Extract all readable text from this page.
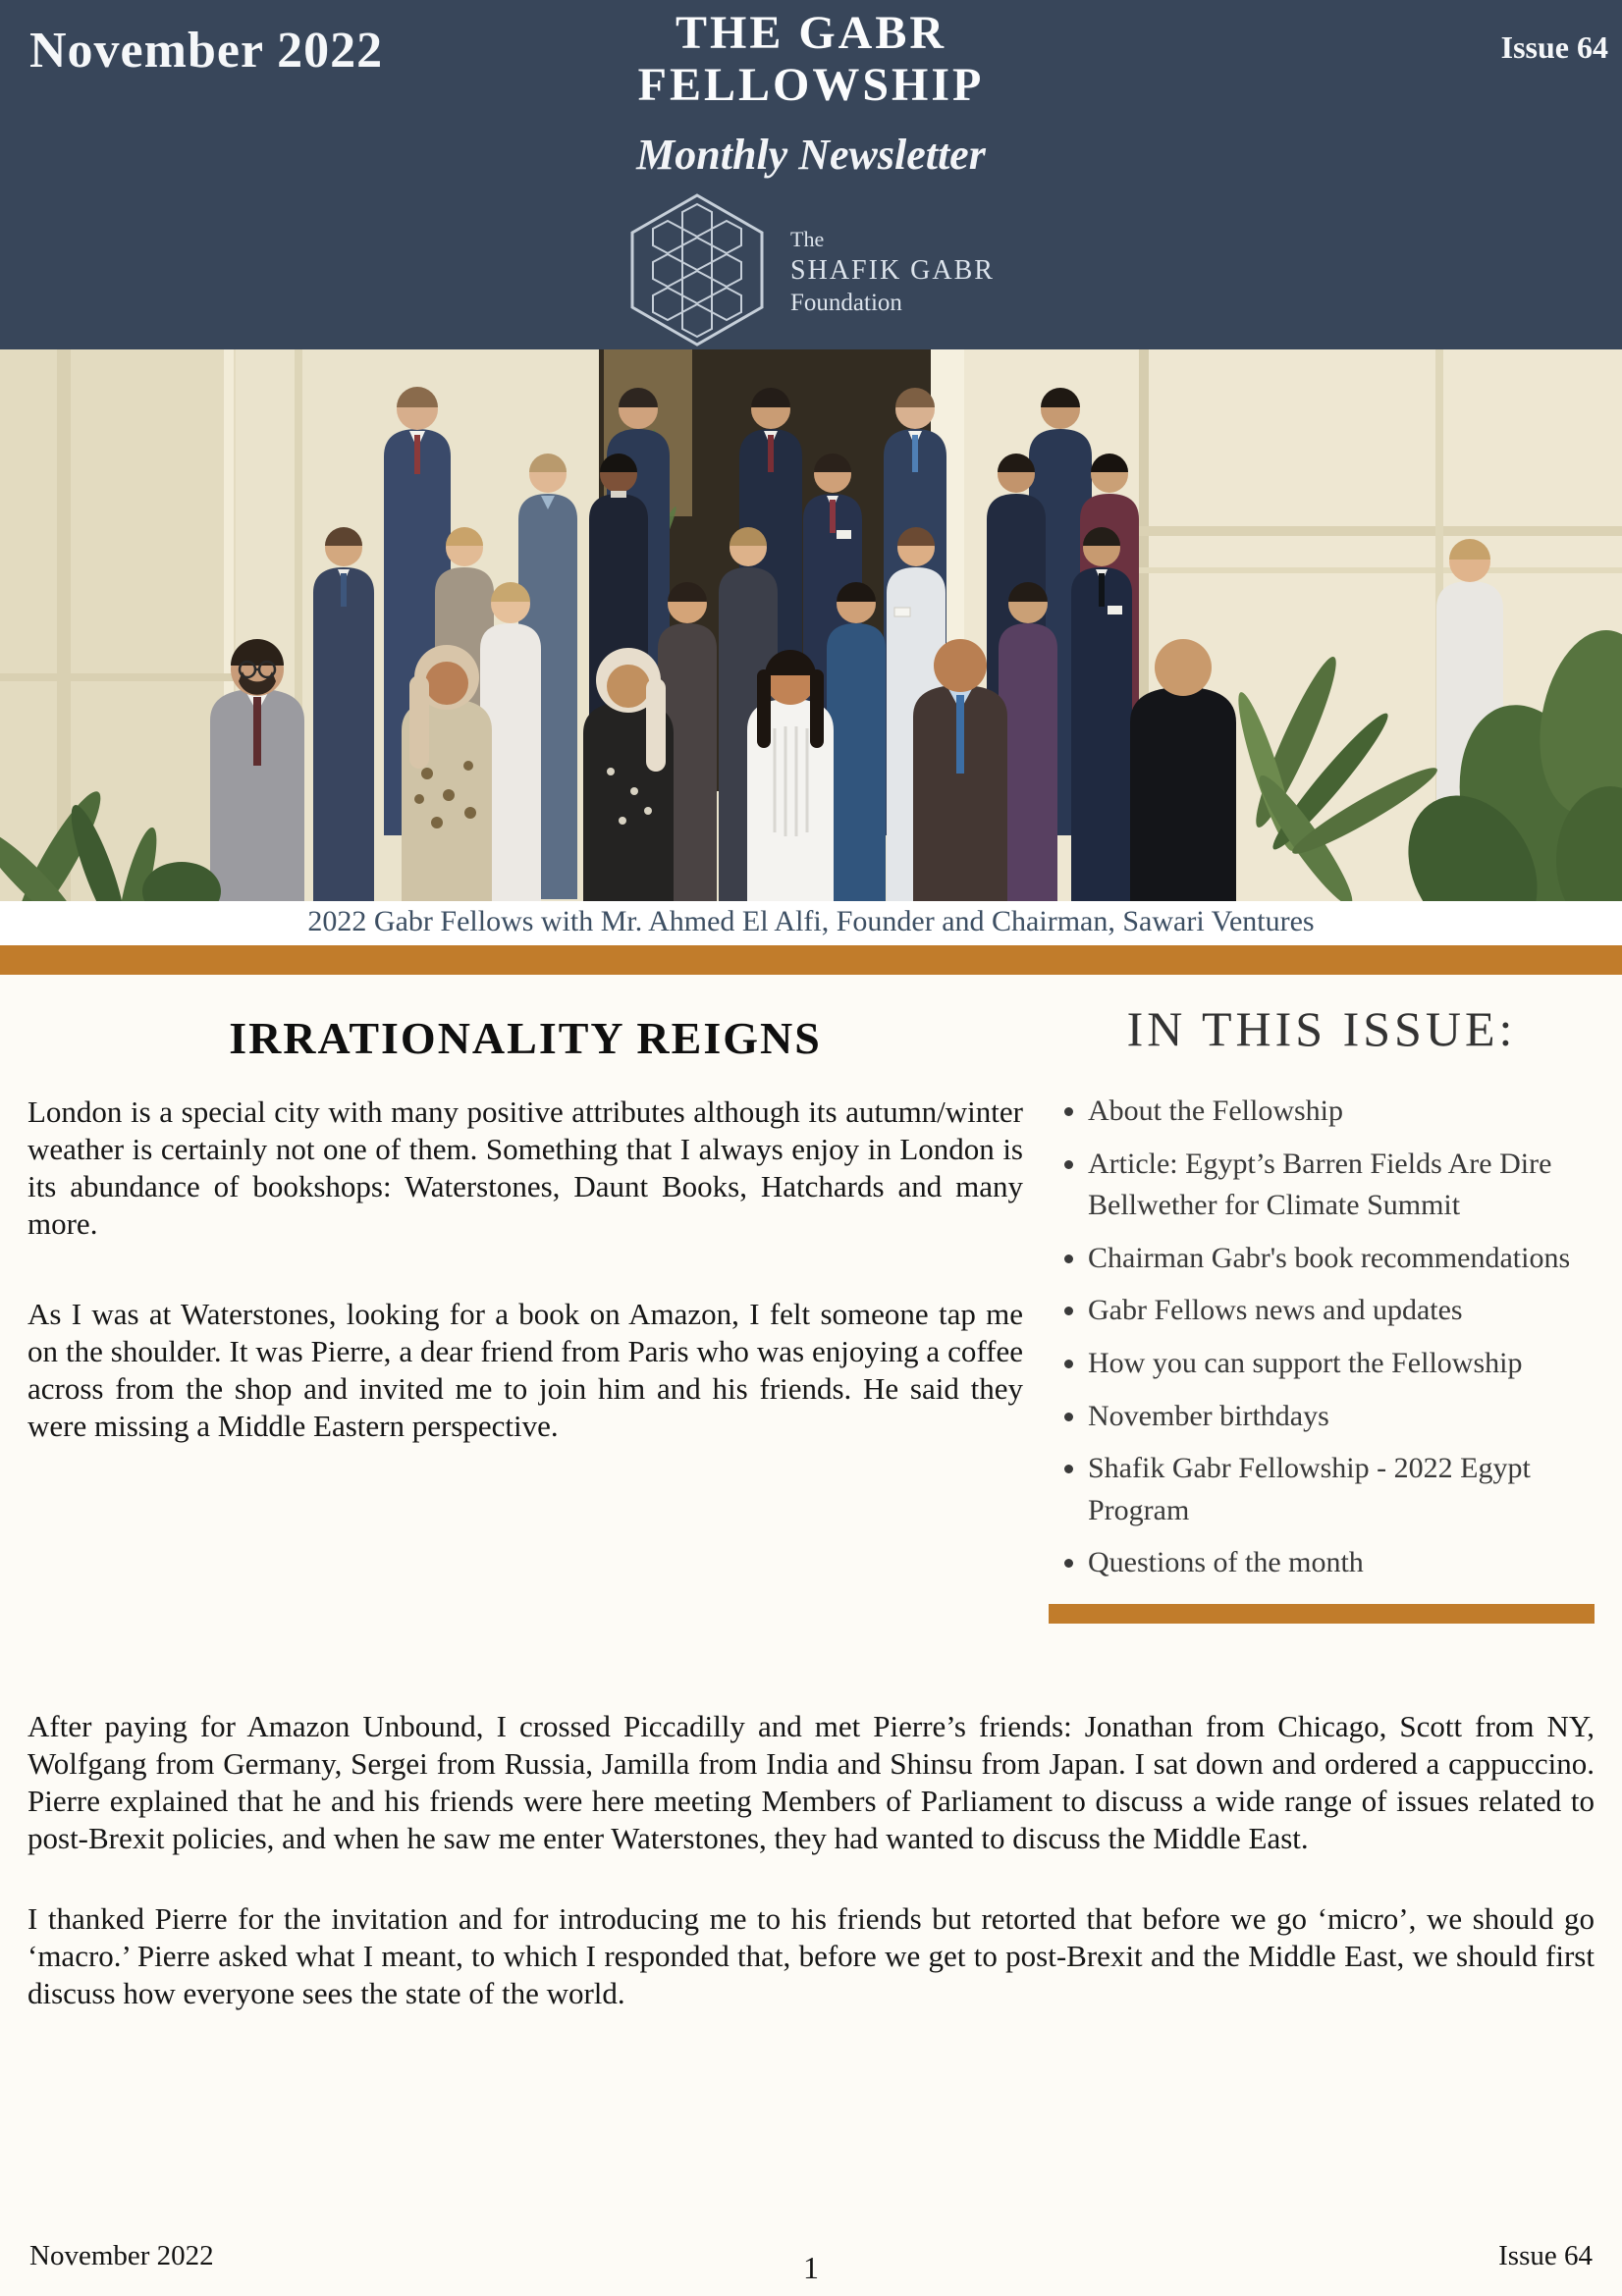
November 2022	Issue 64
THE GABR
FELLOWSHIP
Monthly Newsletter
The
SHAFIK GABR
Foundation
2022 Gabr Fellows with Mr. Ahmed El Alfi, Founder and Chairman, Sawari Ventures
IRRATIONALITY REIGNS

London is a special city with many positive attributes although its autumn/winter weather is certainly not one of them. Something that I always enjoy in London is its abundance of bookshops: Waterstones, Daunt Books, Hatchards and many more.

As I was at Waterstones, looking for a book on Amazon, I felt someone tap me on the shoulder. It was Pierre, a dear friend from Paris who was enjoying a coffee across from the shop and invited me to join him and his friends. He said they were missing a Middle Eastern perspective.

IN THIS ISSUE:
• About the Fellowship
• Article: Egypt’s Barren Fields Are Dire Bellwether for Climate Summit
• Chairman Gabr's book recommendations
• Gabr Fellows news and updates
• How you can support the Fellowship
• November birthdays
• Shafik Gabr Fellowship - 2022 Egypt Program
• Questions of the month

After paying for Amazon Unbound, I crossed Piccadilly and met Pierre’s friends: Jonathan from Chicago, Scott from NY, Wolfgang from Germany, Sergei from Russia, Jamilla from India and Shinsu from Japan. I sat down and ordered a cappuccino. Pierre explained that he and his friends were here meeting Members of Parliament to discuss a wide range of issues related to post-Brexit policies, and when he saw me enter Waterstones, they had wanted to discuss the Middle East.

I thanked Pierre for the invitation and for introducing me to his friends but retorted that before we go ‘micro’, we should go ‘macro.’ Pierre asked what I meant, to which I responded that, before we get to post-Brexit and the Middle East, we should first discuss how everyone sees the state of the world.

November 2022	1	Issue 64
